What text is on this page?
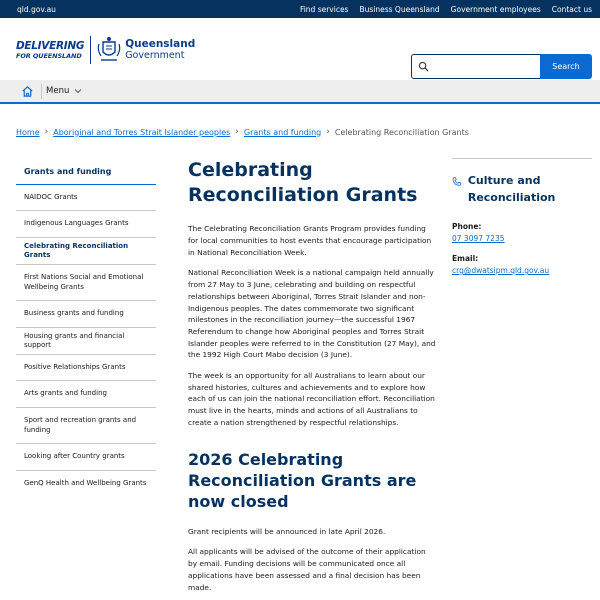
qld.gov.au	Find services Business Queensland Government employees Contact us
DELIVERING
FOR QUEENSLAND
Queensland
Government
Search
Menu
Home › Aboriginal and Torres Strait Islander peoples › Grants and funding › Celebrating Reconciliation Grants
Grants and funding
NAIDOC Grants
Indigenous Languages Grants
Celebrating Reconciliation Grants
First Nations Social and Emotional Wellbeing Grants
Business grants and funding
Housing grants and financial support
Positive Relationships Grants
Arts grants and funding
Sport and recreation grants and funding
Looking after Country grants
GenQ Health and Wellbeing Grants
Celebrating Reconciliation Grants

The Celebrating Reconciliation Grants Program provides funding for local communities to host events that encourage participation in National Reconciliation Week.

National Reconciliation Week is a national campaign held annually from 27 May to 3 June, celebrating and building on respectful relationships between Aboriginal, Torres Strait Islander and non-Indigenous peoples. The dates commemorate two significant milestones in the reconciliation journey—the successful 1967 Referendum to change how Aboriginal peoples and Torres Strait Islander peoples were referred to in the Constitution (27 May), and the 1992 High Court Mabo decision (3 June).

The week is an opportunity for all Australians to learn about our shared histories, cultures and achievements and to explore how each of us can join the national reconciliation effort. Reconciliation must live in the hearts, minds and actions of all Australians to create a nation strengthened by respectful relationships.

2026 Celebrating Reconciliation Grants are now closed

Grant recipients will be announced in late April 2026.

All applicants will be advised of the outcome of their application by email. Funding decisions will be communicated once all applications have been assessed and a final decision has been made.

Culture and Reconciliation
Phone:
07 3097 7235
Email:
crg@dwatsipm.qld.gov.au
